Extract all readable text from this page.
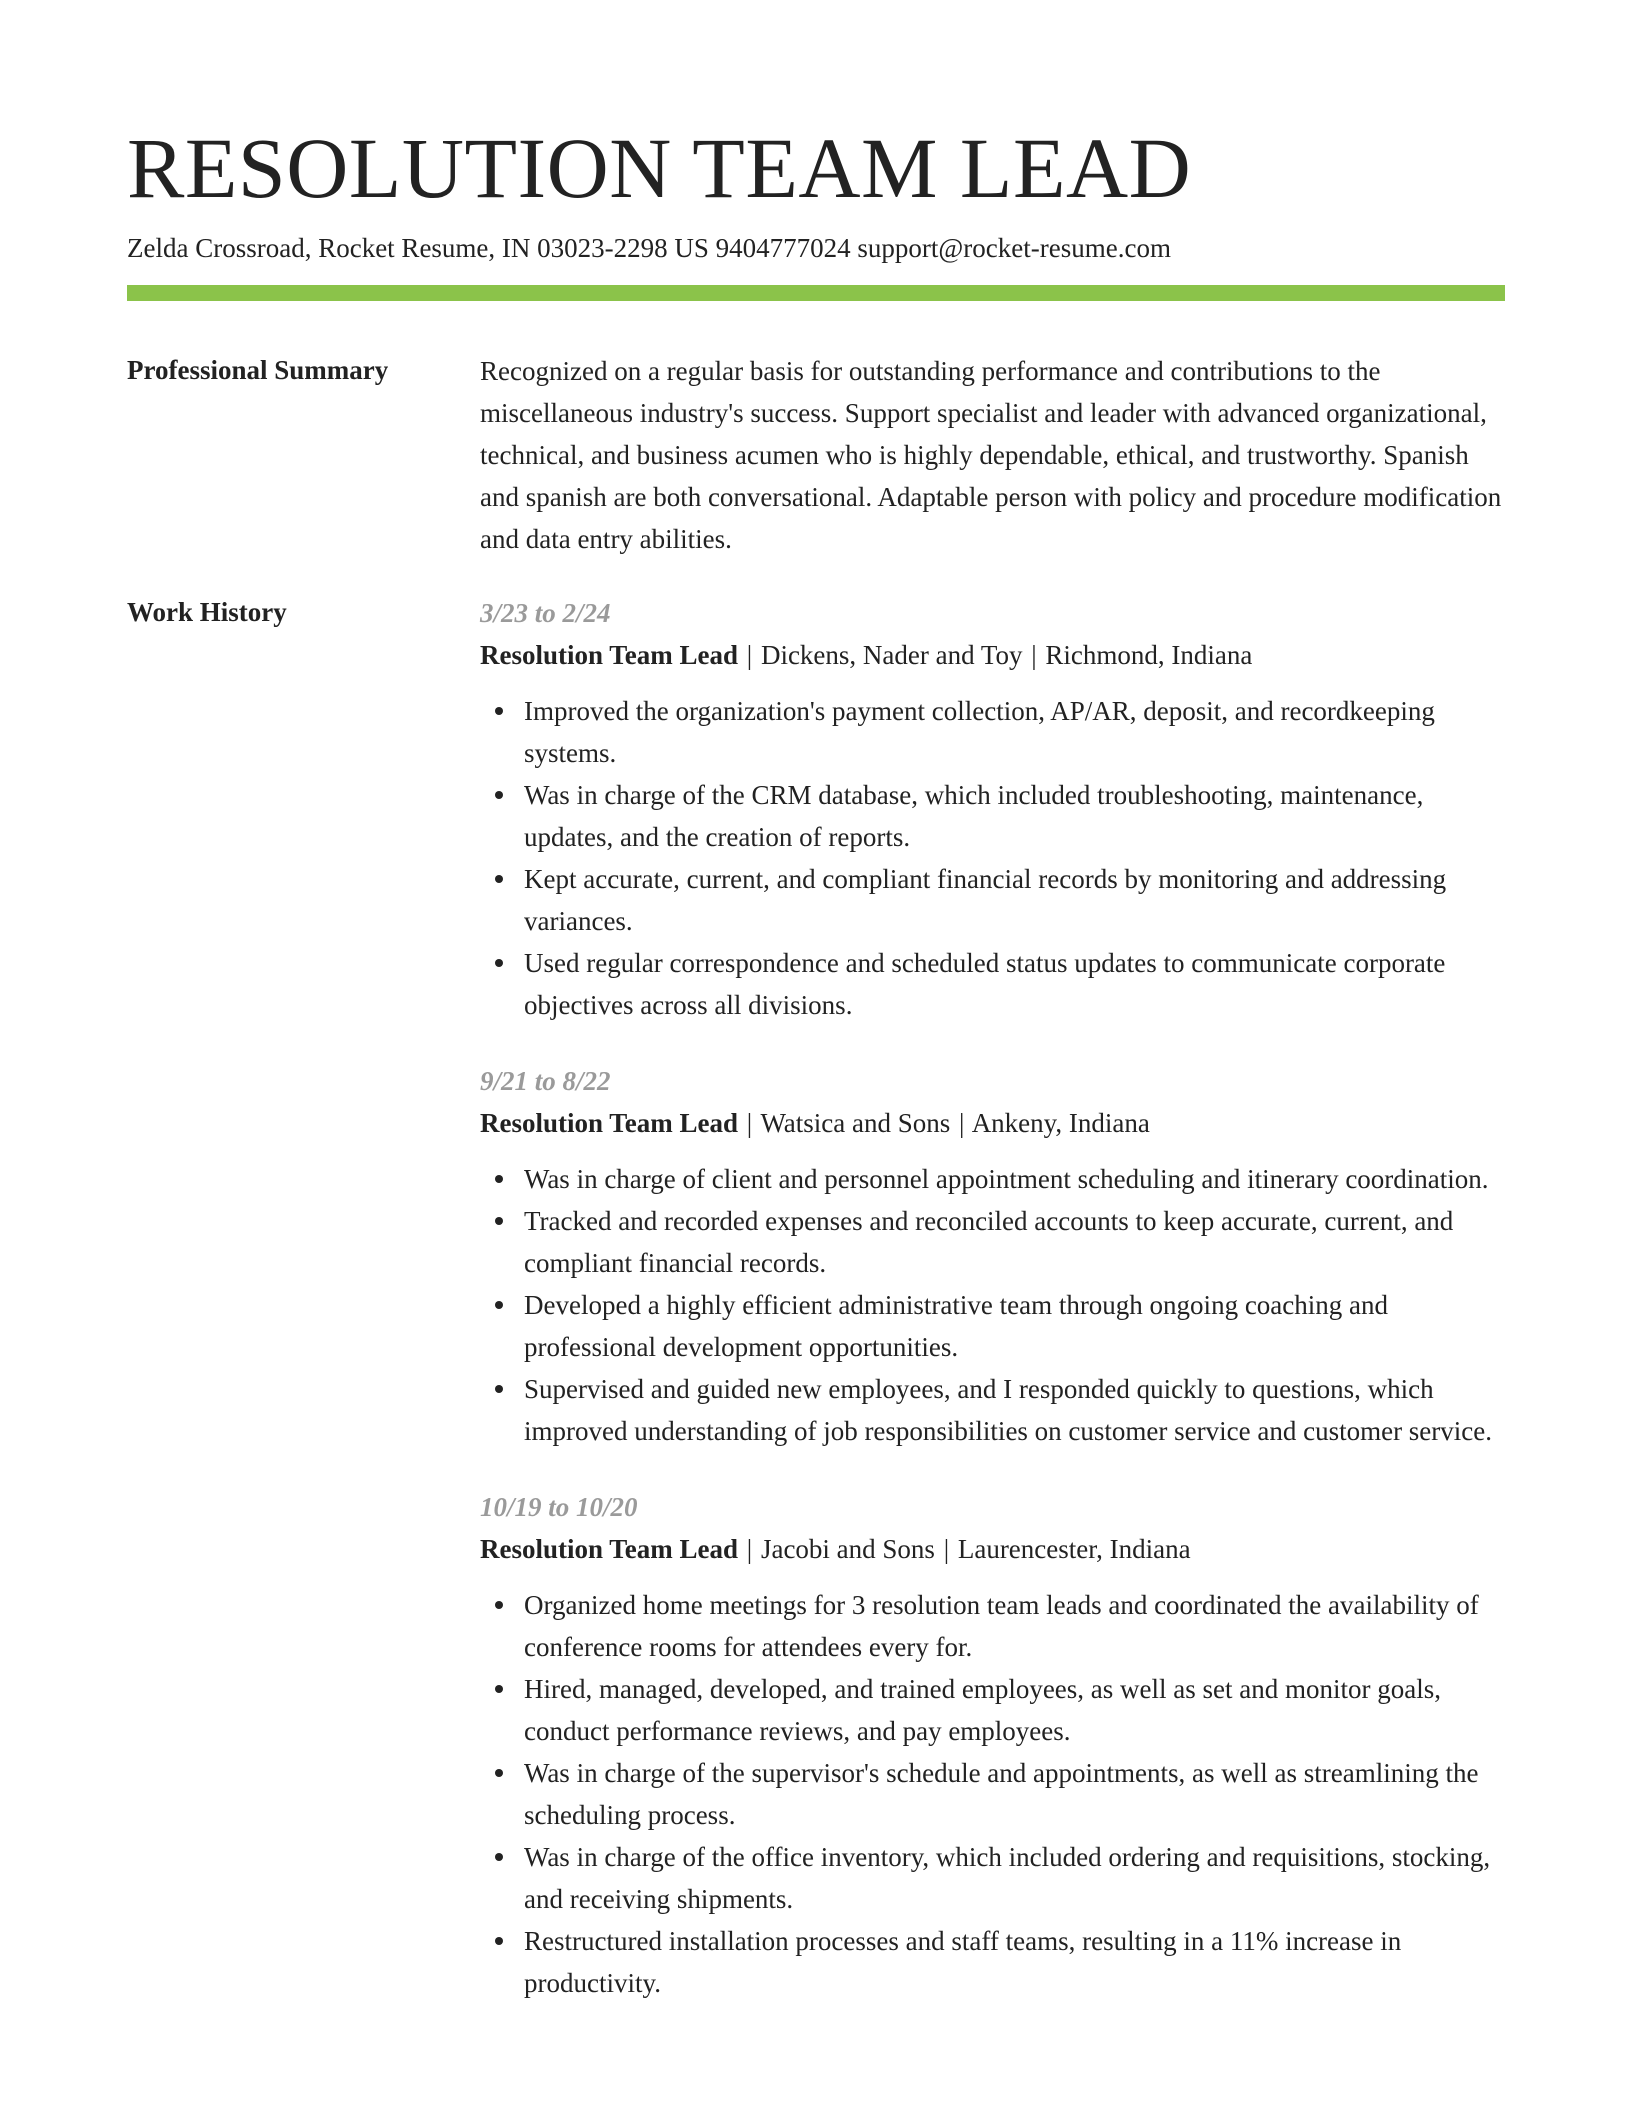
RESOLUTION TEAM LEAD
Zelda Crossroad, Rocket Resume, IN 03023-2298 US 9404777024 support@rocket-resume.com
Professional Summary	Recognized on a regular basis for outstanding performance and contributions to the miscellaneous industry's success. Support specialist and leader with advanced organizational, technical, and business acumen who is highly dependable, ethical, and trustworthy. Spanish and spanish are both conversational. Adaptable person with policy and procedure modification and data entry abilities.

Work History	3/23 to 2/24
Resolution Team Lead | Dickens, Nader and Toy | Richmond, Indiana
Improved the organization's payment collection, AP/AR, deposit, and recordkeeping systems.
Was in charge of the CRM database, which included troubleshooting, maintenance, updates, and the creation of reports.
Kept accurate, current, and compliant financial records by monitoring and addressing variances.
Used regular correspondence and scheduled status updates to communicate corporate objectives across all divisions.
9/21 to 8/22
Resolution Team Lead | Watsica and Sons | Ankeny, Indiana
Was in charge of client and personnel appointment scheduling and itinerary coordination.
Tracked and recorded expenses and reconciled accounts to keep accurate, current, and compliant financial records.
Developed a highly efficient administrative team through ongoing coaching and professional development opportunities.
Supervised and guided new employees, and I responded quickly to questions, which improved understanding of job responsibilities on customer service and customer service.
10/19 to 10/20
Resolution Team Lead | Jacobi and Sons | Laurencester, Indiana
Organized home meetings for 3 resolution team leads and coordinated the availability of conference rooms for attendees every for.
Hired, managed, developed, and trained employees, as well as set and monitor goals, conduct performance reviews, and pay employees.
Was in charge of the supervisor's schedule and appointments, as well as streamlining the scheduling process.
Was in charge of the office inventory, which included ordering and requisitions, stocking, and receiving shipments.
Restructured installation processes and staff teams, resulting in a 11% increase in productivity.
